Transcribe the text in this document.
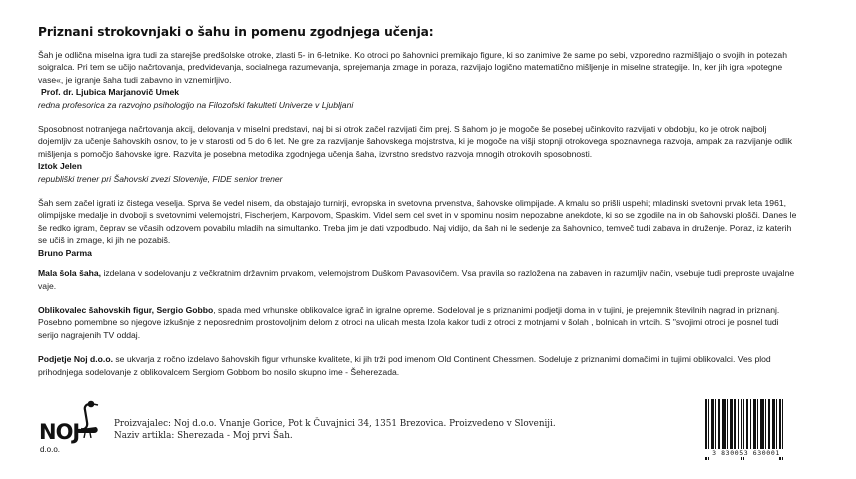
Priznani strokovnjaki o šahu in pomenu zgodnjega učenja:

Šah je odlična miselna igra tudi za starejše predšolske otroke, zlasti 5- in 6-letnike. Ko otroci po šahovnici premikajo figure, ki so zanimive že same po sebi, vzporedno razmišljajo o svojih in potezah soigralca. Pri tem se učijo načrtovanja, predvidevanja, socialnega razumevanja, sprejemanja zmage in poraza, razvijajo logično matematično mišljenje in miselne strategije. In, ker jih igra »potegne vase«, je igranje šaha tudi zabavno in vznemirljivo.

Prof. dr. Ljubica Marjanovič Umek

redna profesorica za razvojno psihologijo na Filozofski fakulteti Univerze v Ljubljani

Sposobnost notranjega načrtovanja akcij, delovanja v miselni predstavi, naj bi si otrok začel razvijati čim prej. S šahom jo je mogoče še posebej učinkovito razvijati v obdobju, ko je otrok najbolj dojemljiv za učenje šahovskih osnov, to je v starosti od 5 do 6 let. Ne gre za razvijanje šahovskega mojstrstva, ki je mogoče na višji stopnji otrokovega spoznavnega razvoja, ampak za razvijanje odlik mišljenja s pomočjo šahovske igre. Razvita je posebna metodika zgodnjega učenja šaha, izvrstno sredstvo razvoja mnogih otrokovih sposobnosti.

Iztok Jelen

republiški trener pri Šahovski zvezi Slovenije, FIDE senior trener

Šah sem začel igrati iz čistega veselja. Sprva še vedel nisem, da obstajajo turnirji, evropska in svetovna prvenstva, šahovske olimpijade. A kmalu so prišli uspehi; mladinski svetovni prvak leta 1961, olimpijske medalje in dvoboji s svetovnimi velemojstri, Fischerjem, Karpovom, Spaskim. Videl sem cel svet in v spominu nosim nepozabne anekdote, ki so se zgodile na in ob šahovski plošči. Danes le še redko igram, čeprav se včasih odzovem povabilu mladih na simultanko. Treba jim je dati vzpodbudo. Naj vidijo, da šah ni le sedenje za šahovnico, temveč tudi zabava in druženje. Poraz, iz katerih se učiš in zmage, ki jih ne pozabiš.

Bruno Parma

Mala šola šaha, izdelana v sodelovanju z večkratnim državnim prvakom, velemojstrom Duškom Pavasovičem. Vsa pravila so razložena na zabaven in razumljiv način, vsebuje tudi preproste uvajalne vaje.

Oblikovalec šahovskih figur, Sergio Gobbo, spada med vrhunske oblikovalce igrač in igralne opreme. Sodeloval je s priznanimi podjetji doma in v tujini, je prejemnik številnih nagrad in priznanj. Posebno pomembne so njegove izkušnje z neposrednim prostovoljnim delom z otroci na ulicah mesta Izola kakor tudi z otroci z motnjami v šolah , bolnicah in vrtcih. S "svojimi otroci je posnel tudi serijo nagrajenih TV oddaj.

Podjetje Noj d.o.o. se ukvarja z ročno izdelavo šahovskih figur vrhunske kvalitete, ki jih trži pod imenom Old Continent Chessmen. Sodeluje z priznanimi domačimi in tujimi oblikovalci. Ves plod prihodnjega sodelovanje z oblikovalcem Sergiom Gobbom bo nosilo skupno ime - Šeherezada.

NOJ
d.o.o.
Proizvajalec: Noj d.o.o. Vnanje Gorice, Pot k Čuvajnici 34, 1351 Brezovica. Proizvedeno v Sloveniji.
Naziv artikla: Sherezada - Moj prvi Šah.
3 830053 630001
